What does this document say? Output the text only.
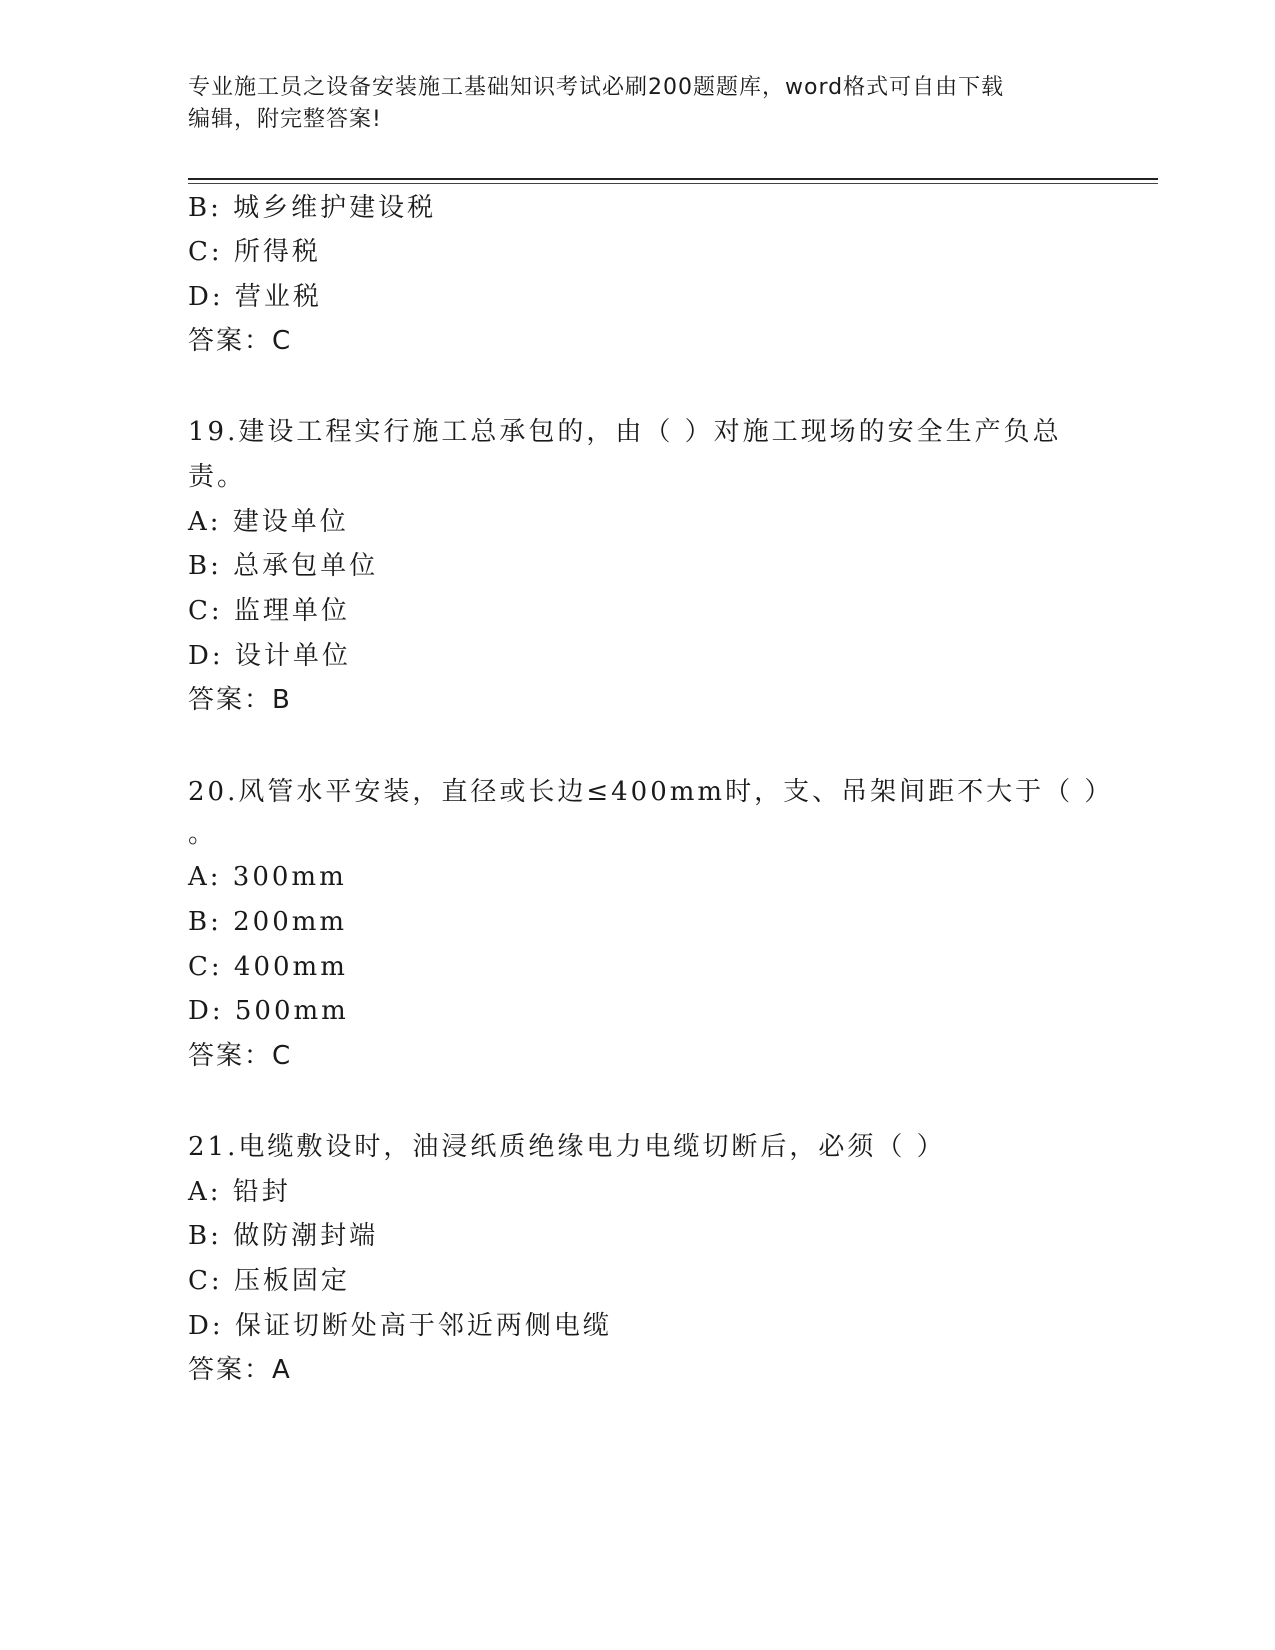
专业施工员之设备安装施工基础知识考试必刷200题题库，word格式可自由下载
编辑，附完整答案!
B: 城乡维护建设税
C: 所得税
D: 营业税
答案：C
19.建设工程实行施工总承包的，由（ ）对施工现场的安全生产负总
责。
A: 建设单位
B: 总承包单位
C: 监理单位
D: 设计单位
答案：B
20.风管水平安装，直径或长边≤400mm时，支、吊架间距不大于（ ）
。
A: 300mm
B: 200mm
C: 400mm
D: 500mm
答案：C
21.电缆敷设时，油浸纸质绝缘电力电缆切断后，必须（ ）
A: 铅封
B: 做防潮封端
C: 压板固定
D: 保证切断处高于邻近两侧电缆
答案：A
